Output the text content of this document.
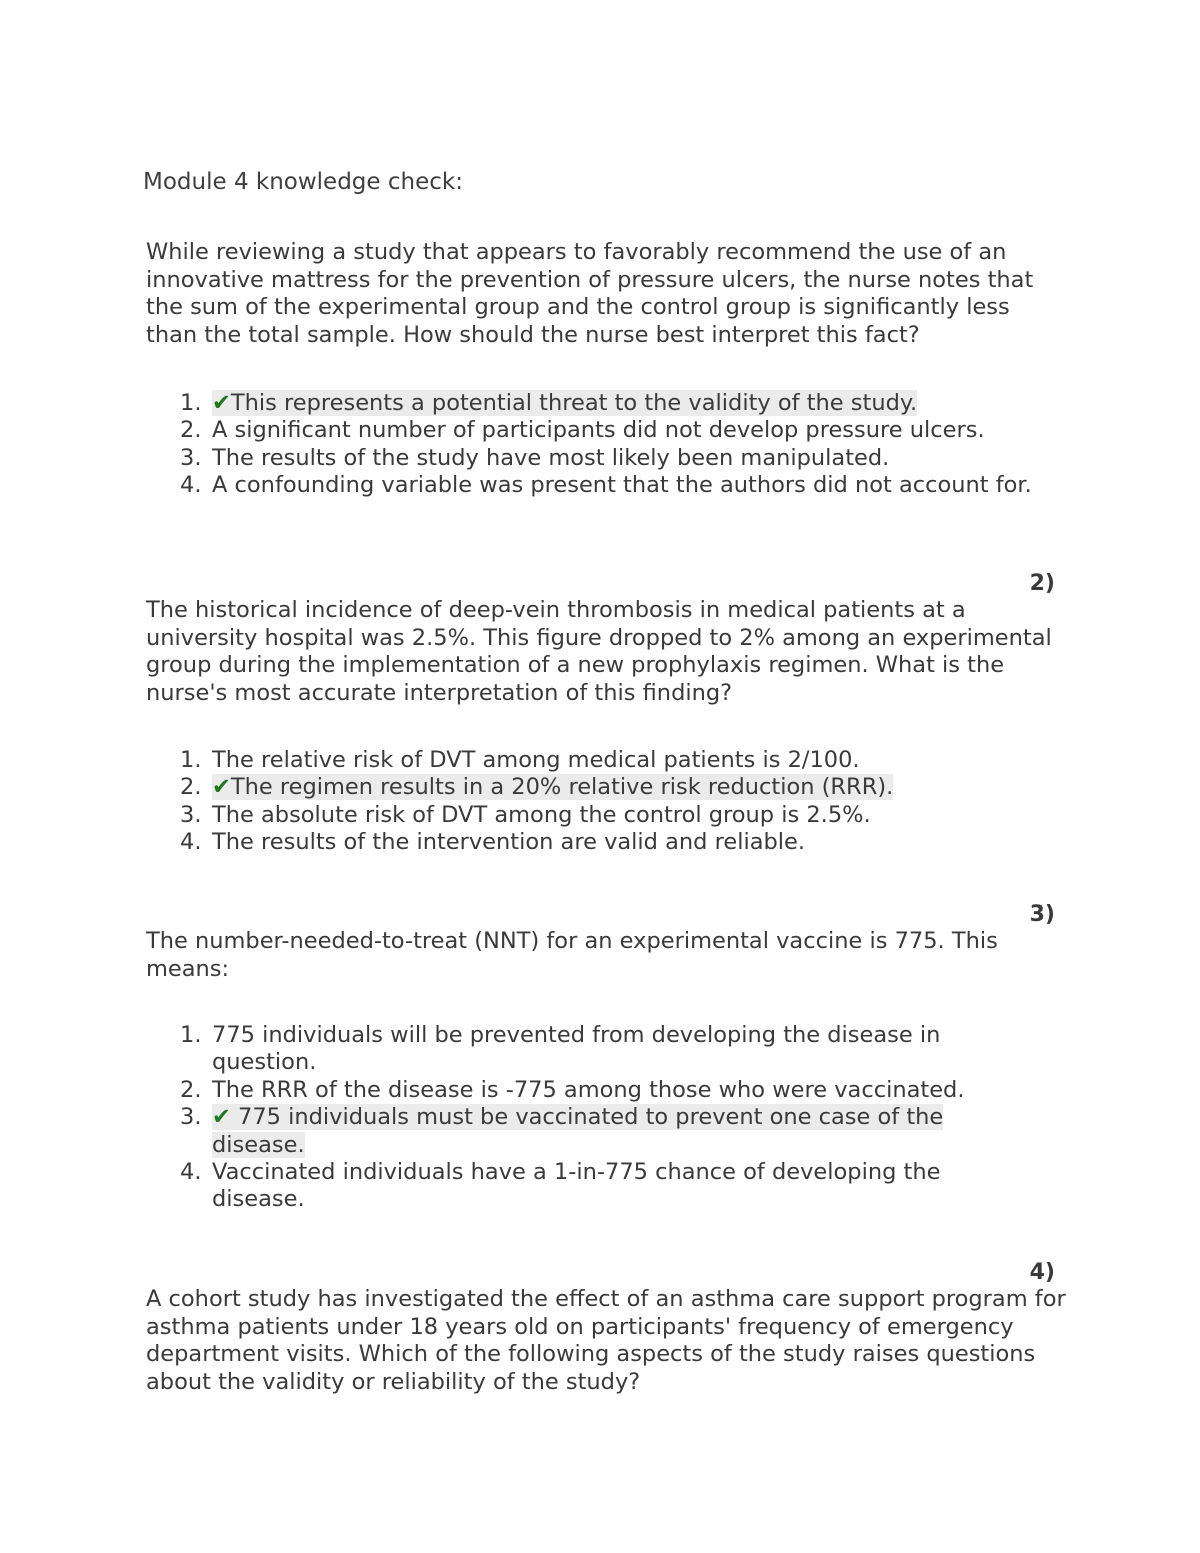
Module 4 knowledge check:
While reviewing a study that appears to favorably recommend the use of an innovative mattress for the prevention of pressure ulcers, the nurse notes that the sum of the experimental group and the control group is significantly less than the total sample. How should the nurse best interpret this fact?
1. ✔This represents a potential threat to the validity of the study.
2. A significant number of participants did not develop pressure ulcers.
3. The results of the study have most likely been manipulated.
4. A confounding variable was present that the authors did not account for.
2)
The historical incidence of deep-vein thrombosis in medical patients at a university hospital was 2.5%. This figure dropped to 2% among an experimental group during the implementation of a new prophylaxis regimen. What is the nurse's most accurate interpretation of this finding?
1. The relative risk of DVT among medical patients is 2/100.
2. ✔The regimen results in a 20% relative risk reduction (RRR).
3. The absolute risk of DVT among the control group is 2.5%.
4. The results of the intervention are valid and reliable.
3)
The number-needed-to-treat (NNT) for an experimental vaccine is 775. This means:
1. 775 individuals will be prevented from developing the disease in question.
2. The RRR of the disease is -775 among those who were vaccinated.
3. ✔ 775 individuals must be vaccinated to prevent one case of the disease.
4. Vaccinated individuals have a 1-in-775 chance of developing the disease.
4)
A cohort study has investigated the effect of an asthma care support program for asthma patients under 18 years old on participants' frequency of emergency department visits. Which of the following aspects of the study raises questions about the validity or reliability of the study?
